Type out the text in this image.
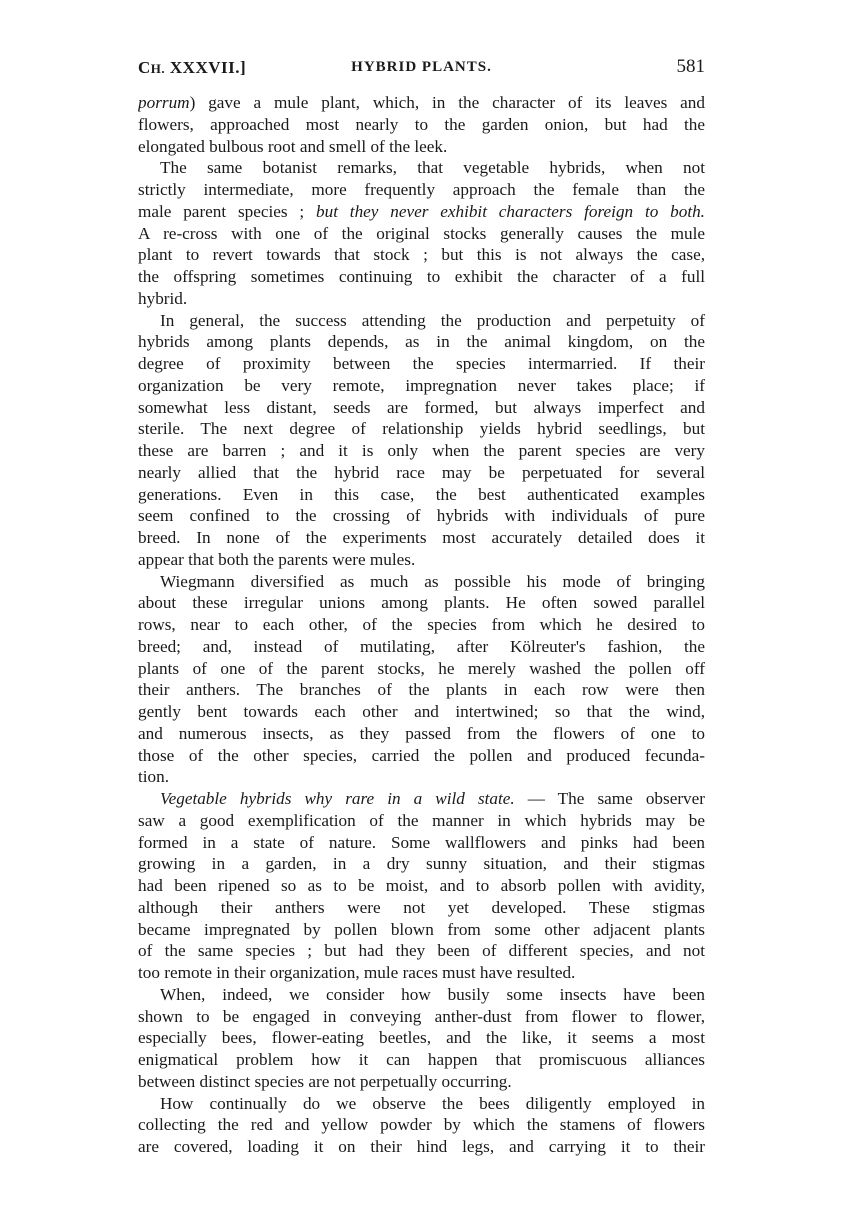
CH. XXXVII.]	HYBRID PLANTS.	581
porrum) gave a mule plant, which, in the character of its leaves and
flowers, approached most nearly to the garden onion, but had the
elongated bulbous root and smell of the leek.
The same botanist remarks, that vegetable hybrids, when not
strictly intermediate, more frequently approach the female than the
male parent species ; but they never exhibit characters foreign to both.
A re-cross with one of the original stocks generally causes the mule
plant to revert towards that stock ; but this is not always the case,
the offspring sometimes continuing to exhibit the character of a full
hybrid.
In general, the success attending the production and perpetuity of
hybrids among plants depends, as in the animal kingdom, on the
degree of proximity between the species intermarried. If their
organization be very remote, impregnation never takes place; if
somewhat less distant, seeds are formed, but always imperfect and
sterile. The next degree of relationship yields hybrid seedlings, but
these are barren ; and it is only when the parent species are very
nearly allied that the hybrid race may be perpetuated for several
generations. Even in this case, the best authenticated examples
seem confined to the crossing of hybrids with individuals of pure
breed. In none of the experiments most accurately detailed does it
appear that both the parents were mules.
Wiegmann diversified as much as possible his mode of bringing
about these irregular unions among plants. He often sowed parallel
rows, near to each other, of the species from which he desired to
breed; and, instead of mutilating, after Kölreuter's fashion, the
plants of one of the parent stocks, he merely washed the pollen off
their anthers. The branches of the plants in each row were then
gently bent towards each other and intertwined; so that the wind,
and numerous insects, as they passed from the flowers of one to
those of the other species, carried the pollen and produced fecunda-
tion.
Vegetable hybrids why rare in a wild state. — The same observer
saw a good exemplification of the manner in which hybrids may be
formed in a state of nature. Some wallflowers and pinks had been
growing in a garden, in a dry sunny situation, and their stigmas
had been ripened so as to be moist, and to absorb pollen with avidity,
although their anthers were not yet developed. These stigmas
became impregnated by pollen blown from some other adjacent plants
of the same species ; but had they been of different species, and not
too remote in their organization, mule races must have resulted.
When, indeed, we consider how busily some insects have been
shown to be engaged in conveying anther-dust from flower to flower,
especially bees, flower-eating beetles, and the like, it seems a most
enigmatical problem how it can happen that promiscuous alliances
between distinct species are not perpetually occurring.
How continually do we observe the bees diligently employed in
collecting the red and yellow powder by which the stamens of flowers
are covered, loading it on their hind legs, and carrying it to their
